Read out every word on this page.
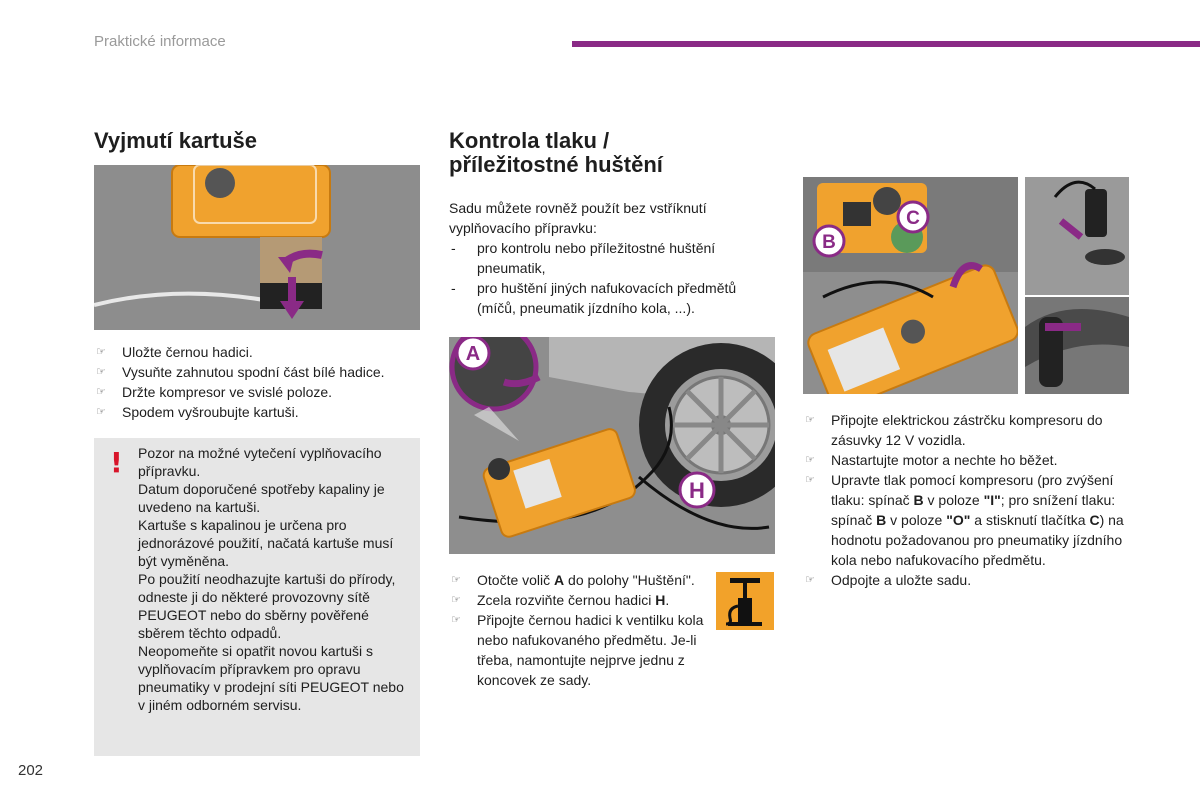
Praktické informace
Vyjmutí kartuše
☞ Uložte černou hadici.
☞ Vysuňte zahnutou spodní část bílé hadice.
☞ Držte kompresor ve svislé poloze.
☞ Spodem vyšroubujte kartuši.
! Pozor na možné vytečení vyplňovacího přípravku.

Datum doporučené spotřeby kapaliny je uvedeno na kartuši.

Kartuše s kapalinou je určena pro jednorázové použití, načatá kartuše musí být vyměněna.

Po použití neodhazujte kartuši do přírody, odneste ji do některé provozovny sítě PEUGEOT nebo do sběrny pověřené sběrem těchto odpadů.

Neopomeňte si opatřit novou kartuši s vyplňovacím přípravkem pro opravu pneumatiky v prodejní síti PEUGEOT nebo v jiném odborném servisu.

Kontrola tlaku /
příležitostné huštění

Sadu můžete rovněž použít bez vstříknutí vyplňovacího přípravku:

- pro kontrolu nebo příležitostné huštění pneumatik,
- pro huštění jiných nafukovacích předmětů (míčů, pneumatik jízdního kola, ...).
A
H
☞ Otočte volič A do polohy "Huštění".
☞ Zcela rozviňte černou hadici H.
☞ Připojte černou hadici k ventilku kola nebo nafukovaného předmětu. Je-li třeba, namontujte nejprve jednu z koncovek ze sady.
B
C
☞ Připojte elektrickou zástrčku kompresoru do zásuvky 12 V vozidla.
☞ Nastartujte motor a nechte ho běžet.
☞ Upravte tlak pomocí kompresoru (pro zvýšení tlaku: spínač B v poloze "I"; pro snížení tlaku: spínač B v poloze "O" a stisknutí tlačítka C) na hodnotu požadovanou pro pneumatiky jízdního kola nebo nafukovacího předmětu.
☞ Odpojte a uložte sadu.
202
